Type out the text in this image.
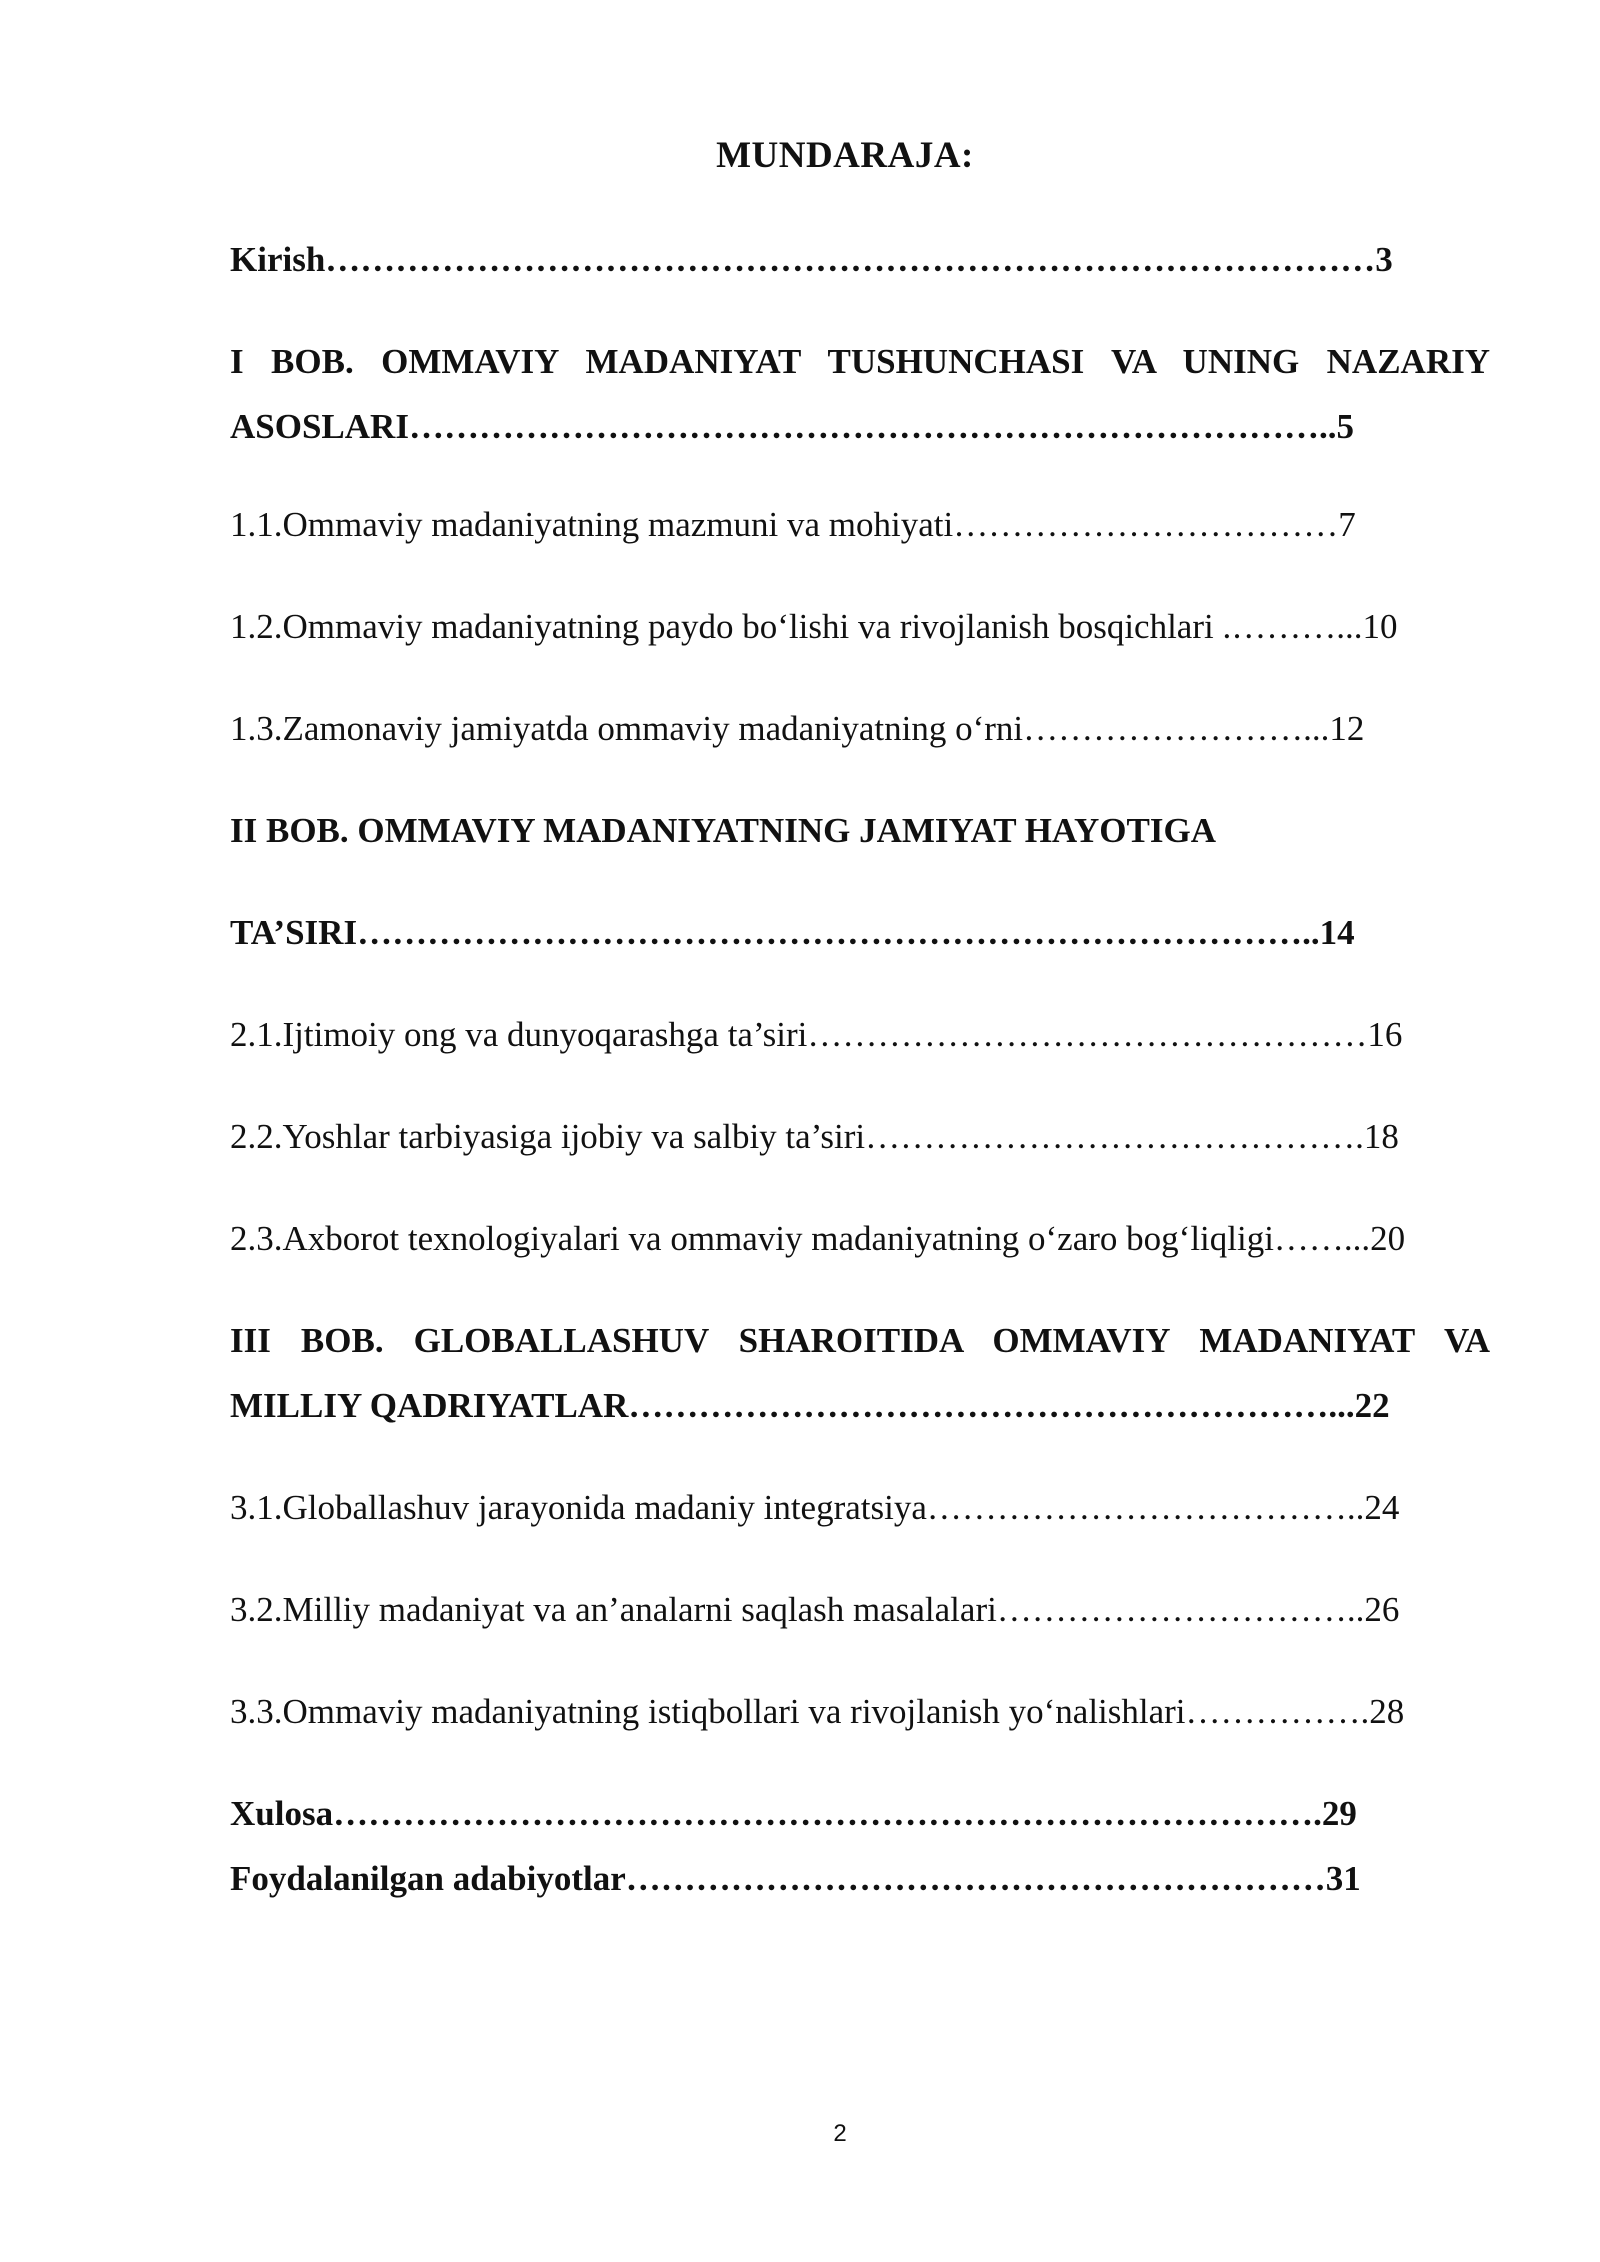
MUNDARAJA:
Kirish………………………………………………………………………………3
I BOB. OMMAVIY MADANIYAT TUSHUNCHASI VA UNING NAZARIY
ASOSLARI……………………………………………………………………..5
1.1.Ommaviy madaniyatning mazmuni va mohiyati……………………………7
1.2.Ommaviy madaniyatning paydo bo‘lishi va rivojlanish bosqichlari .………...10
1.3.Zamonaviy jamiyatda ommaviy madaniyatning o‘rni……………………...12
II BOB. OMMAVIY MADANIYATNING JAMIYAT HAYOTIGA
TA’SIRI………………………………………………………………………..14
2.1.Ijtimoiy ong va dunyoqarashga ta’siri…………………………………………16
2.2.Yoshlar tarbiyasiga ijobiy va salbiy ta’siri…………………………………….18
2.3.Axborot texnologiyalari va ommaviy madaniyatning o‘zaro bog‘liqligi……...20
III BOB. GLOBALLASHUV SHAROITIDA OMMAVIY MADANIYAT VA
MILLIY QADRIYATLAR……………………………………………………...22
3.1.Globallashuv jarayonida madaniy integratsiya………………………………..24
3.2.Milliy madaniyat va an’analarni saqlash masalalari…………………………..26
3.3.Ommaviy madaniyatning istiqbollari va rivojlanish yo‘nalishlari…………….28
Xulosa………………………………………………………………………….29
Foydalanilgan adabiyotlar……………………………………………………31
2
